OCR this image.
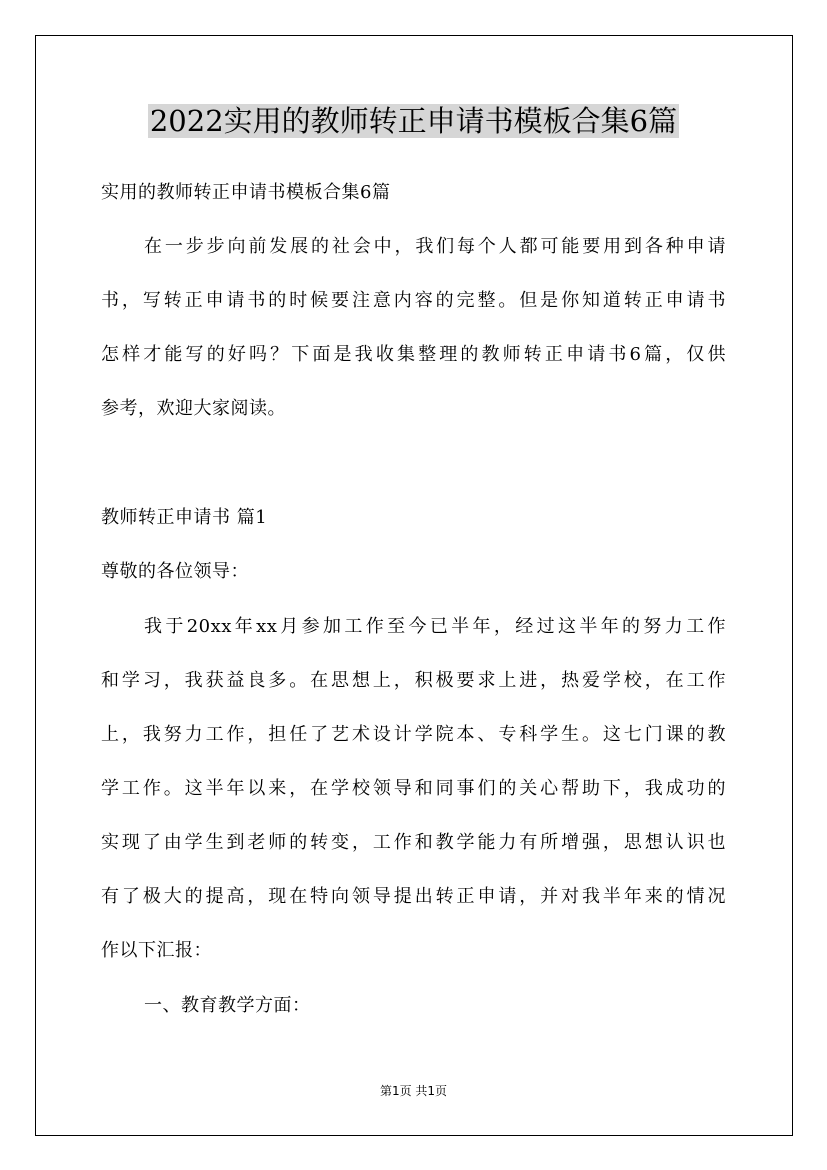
2022实用的教师转正申请书模板合集6篇
实用的教师转正申请书模板合集6篇
在一步步向前发展的社会中，我们每个人都可能要用到各种申请
书，写转正申请书的时候要注意内容的完整。但是你知道转正申请书
怎样才能写的好吗？下面是我收集整理的教师转正申请书6篇，仅供
参考，欢迎大家阅读。
教师转正申请书 篇1
尊敬的各位领导：
我于20xx年xx月参加工作至今已半年，经过这半年的努力工作
和学习，我获益良多。在思想上，积极要求上进，热爱学校，在工作
上，我努力工作，担任了艺术设计学院本、专科学生。这七门课的教
学工作。这半年以来，在学校领导和同事们的关心帮助下，我成功的
实现了由学生到老师的转变，工作和教学能力有所增强，思想认识也
有了极大的提高，现在特向领导提出转正申请，并对我半年来的情况
作以下汇报：
一、教育教学方面：
第1页 共1页
